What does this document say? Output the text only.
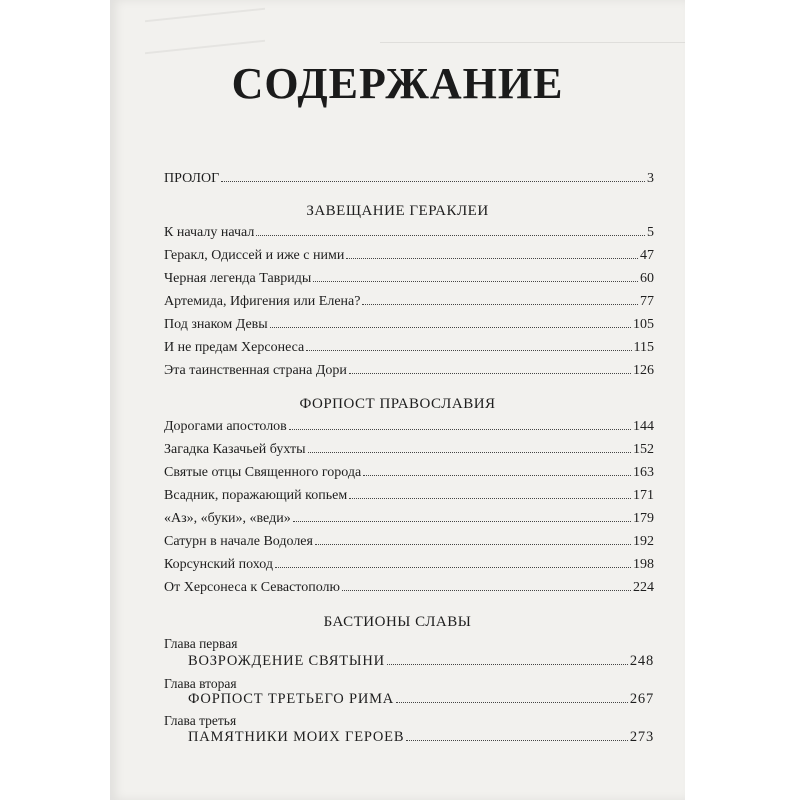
СОДЕРЖАНИЕ
ПРОЛОГ	3
ЗАВЕЩАНИЕ ГЕРАКЛЕИ
К началу начал	5
Геракл, Одиссей и иже с ними	47
Черная легенда Тавриды	60
Артемида, Ифигения или Елена?	77
Под знаком Девы	105
И не предам Херсонеса	115
Эта таинственная страна Дори	126
ФОРПОСТ ПРАВОСЛАВИЯ
Дорогами апостолов	144
Загадка Казачьей бухты	152
Святые отцы Священного города	163
Всадник, поражающий копьем	171
«Аз», «буки», «веди»	179
Сатурн в начале Водолея	192
Корсунский поход	198
От Херсонеса к Севастополю	224
БАСТИОНЫ СЛАВЫ
Глава первая
ВОЗРОЖДЕНИЕ СВЯТЫНИ	248
Глава вторая
ФОРПОСТ ТРЕТЬЕГО РИМА	267
Глава третья
ПАМЯТНИКИ МОИХ ГЕРОЕВ	273
